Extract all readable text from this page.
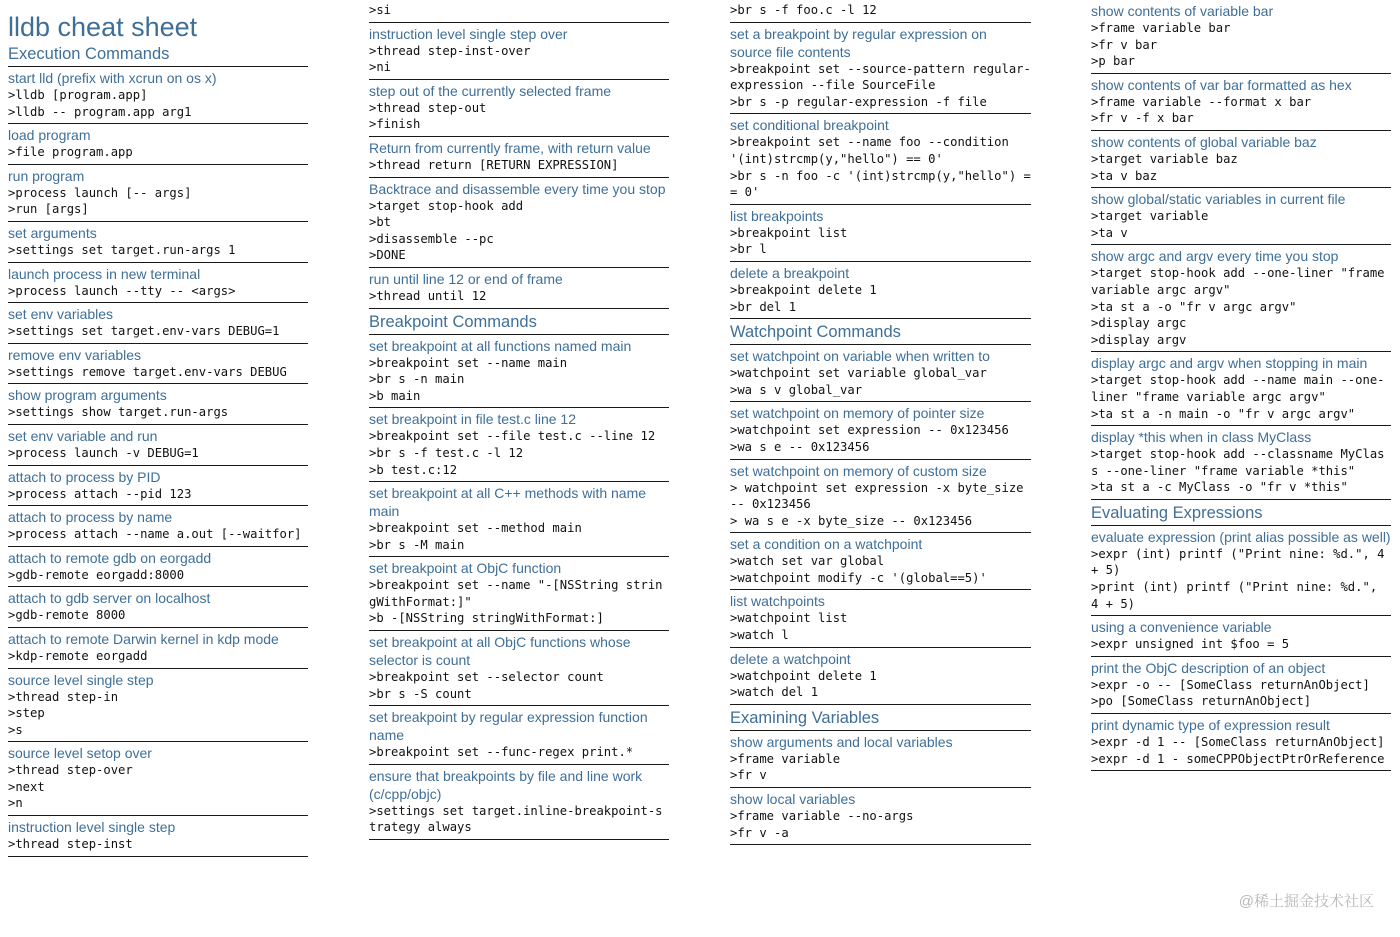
lldb cheat sheet
Execution Commands
start lld (prefix with xcrun on os x)
>lldb [program.app]
>lldb -- program.app arg1
load program
>file program.app
run program
>process launch [-- args]
>run [args]
set arguments
>settings set target.run-args 1
launch process in new terminal
>process launch --tty -- <args>
set env variables
>settings set target.env-vars DEBUG=1
remove env variables
>settings remove target.env-vars DEBUG
show program arguments
>settings show target.run-args
set env variable and run
>process launch -v DEBUG=1
attach to process by PID
>process attach --pid 123
attach to process by name
>process attach --name a.out [--waitfor]
attach to remote gdb on eorgadd
>gdb-remote eorgadd:8000
attach to gdb server on localhost
>gdb-remote 8000
attach to remote Darwin kernel in kdp mode
>kdp-remote eorgadd
source level single step
>thread step-in
>step
>s
source level setop over
>thread step-over
>next
>n
instruction level single step
>thread step-inst
>si
instruction level single step over
>thread step-inst-over
>ni
step out of the currently selected frame
>thread step-out
>finish
Return from currently frame, with return value
>thread return [RETURN EXPRESSION]
Backtrace and disassemble every time you stop
>target stop-hook add
>bt
>disassemble --pc
>DONE
run until line 12 or end of frame
>thread until 12
Breakpoint Commands
set breakpoint at all functions named main
>breakpoint set --name main
>br s -n main
>b main
set breakpoint in file test.c line 12
>breakpoint set --file test.c --line 12
>br s -f test.c -l 12
>b test.c:12
set breakpoint at all C++ methods with name main
>breakpoint set --method main
>br s -M main
set breakpoint at ObjC function
>breakpoint set --name "-[NSString stringWithFormat:]"
>b -[NSString stringWithFormat:]
set breakpoint at all ObjC functions whose selector is count
>breakpoint set --selector count
>br s -S count
set breakpoint by regular expression function name
>breakpoint set --func-regex print.*
ensure that breakpoints by file and line work (c/cpp/objc)
>settings set target.inline-breakpoint-strategy always
>br s -f foo.c -l 12
set a breakpoint by regular expression on source file contents
>breakpoint set --source-pattern regular-expression --file SourceFile
>br s -p regular-expression -f file
set conditional breakpoint
>breakpoint set --name foo --condition '(int)strcmp(y,"hello") == 0'
>br s -n foo -c '(int)strcmp(y,"hello") == 0'
list breakpoints
>breakpoint list
>br l
delete a breakpoint
>breakpoint delete 1
>br del 1
Watchpoint Commands
set watchpoint on variable when written to
>watchpoint set variable global_var
>wa s v global_var
set watchpoint on memory of pointer size
>watchpoint set expression -- 0x123456
>wa s e -- 0x123456
set watchpoint on memory of custom size
> watchpoint set expression -x byte_size -- 0x123456
> wa s e -x byte_size -- 0x123456
set a condition on a watchpoint
>watch set var global
>watchpoint modify -c '(global==5)'
list watchpoints
>watchpoint list
>watch l
delete a watchpoint
>watchpoint delete 1
>watch del 1
Examining Variables
show arguments and local variables
>frame variable
>fr v
show local variables
>frame variable --no-args
>fr v -a
show contents of variable bar
>frame variable bar
>fr v bar
>p bar
show contents of var bar formatted as hex
>frame variable --format x bar
>fr v -f x bar
show contents of global variable baz
>target variable baz
>ta v baz
show global/static variables in current file
>target variable
>ta v
show argc and argv every time you stop
>target stop-hook add --one-liner "frame variable argc argv"
>ta st a -o "fr v argc argv"
>display argc
>display argv
display argc and argv when stopping in main
>target stop-hook add --name main --one-liner "frame variable argc argv"
>ta st a -n main -o "fr v argc argv"
display *this when in class MyClass
>target stop-hook add --classname MyClass --one-liner "frame variable *this"
>ta st a -c MyClass -o "fr v *this"
Evaluating Expressions
evaluate expression (print alias possible as well)
>expr (int) printf ("Print nine: %d.", 4 + 5)
>print (int) printf ("Print nine: %d.", 4 + 5)
using a convenience variable
>expr unsigned int $foo = 5
print the ObjC description of an object
>expr -o -- [SomeClass returnAnObject]
>po [SomeClass returnAnObject]
print dynamic type of expression result
>expr -d 1 -- [SomeClass returnAnObject]
>expr -d 1 - someCPPObjectPtrOrReference
@稀土掘金技术社区
